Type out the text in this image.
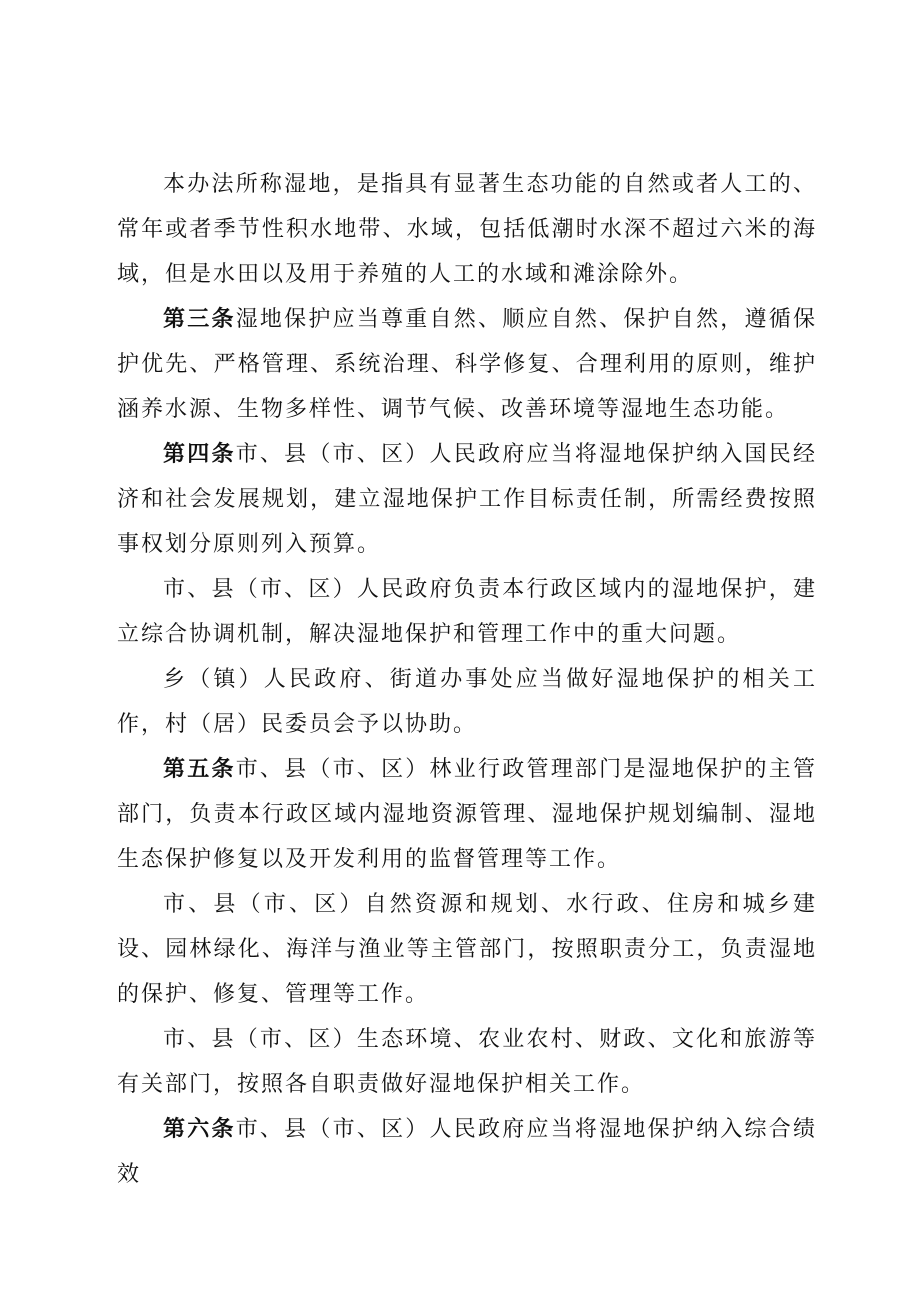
本办法所称湿地，是指具有显著生态功能的自然或者人工的、常年或者季节性积水地带、水域，包括低潮时水深不超过六米的海域，但是水田以及用于养殖的人工的水域和滩涂除外。

第三条湿地保护应当尊重自然、顺应自然、保护自然，遵循保护优先、严格管理、系统治理、科学修复、合理利用的原则，维护涵养水源、生物多样性、调节气候、改善环境等湿地生态功能。

第四条市、县（市、区）人民政府应当将湿地保护纳入国民经济和社会发展规划，建立湿地保护工作目标责任制，所需经费按照事权划分原则列入预算。

市、县（市、区）人民政府负责本行政区域内的湿地保护，建立综合协调机制，解决湿地保护和管理工作中的重大问题。

乡（镇）人民政府、街道办事处应当做好湿地保护的相关工作，村（居）民委员会予以协助。

第五条市、县（市、区）林业行政管理部门是湿地保护的主管部门，负责本行政区域内湿地资源管理、湿地保护规划编制、湿地生态保护修复以及开发利用的监督管理等工作。

市、县（市、区）自然资源和规划、水行政、住房和城乡建设、园林绿化、海洋与渔业等主管部门，按照职责分工，负责湿地的保护、修复、管理等工作。

市、县（市、区）生态环境、农业农村、财政、文化和旅游等有关部门，按照各自职责做好湿地保护相关工作。

第六条市、县（市、区）人民政府应当将湿地保护纳入综合绩效
